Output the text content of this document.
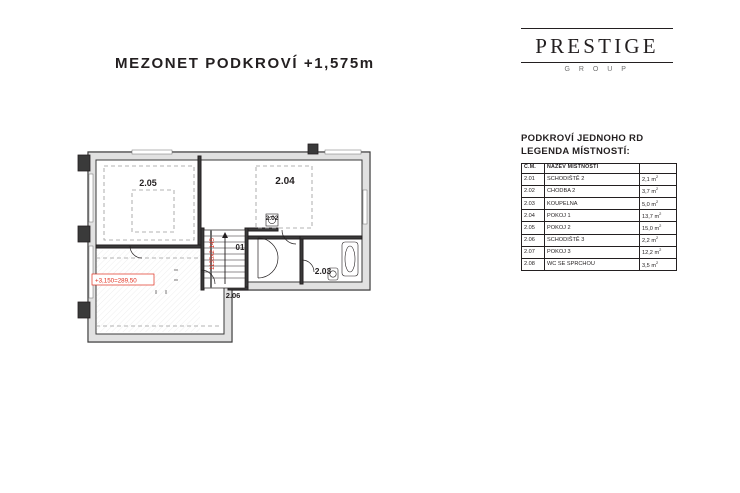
MEZONET PODKROVÍ +1,575m
PRESTIGE
G R O U P
PODKROVÍ JEDNOHO RD
LEGENDA MÍSTNOSTÍ:
Č.M.	NÁZEV MÍSTNOSTI	
2.01	SCHODIŠTĚ 2	2,1 $m^2$
2.02	CHODBA 2	3,7 $m^2$
2.03	KOUPELNA	5,0 $m^2$
2.04	POKOJ 1	13,7 $m^2$
2.05	POKOJ 2	15,0 $m^2$
2.06	SCHODIŠTĚ 3	2,2 $m^2$
2.07	POKOJ 3	12,2 $m^2$
2.08	WC SE SPRCHOU	3,5 $m^2$
+3,150=289,50
1135x2 145
2.05	2.04
2.02
01
2.03
2.06
